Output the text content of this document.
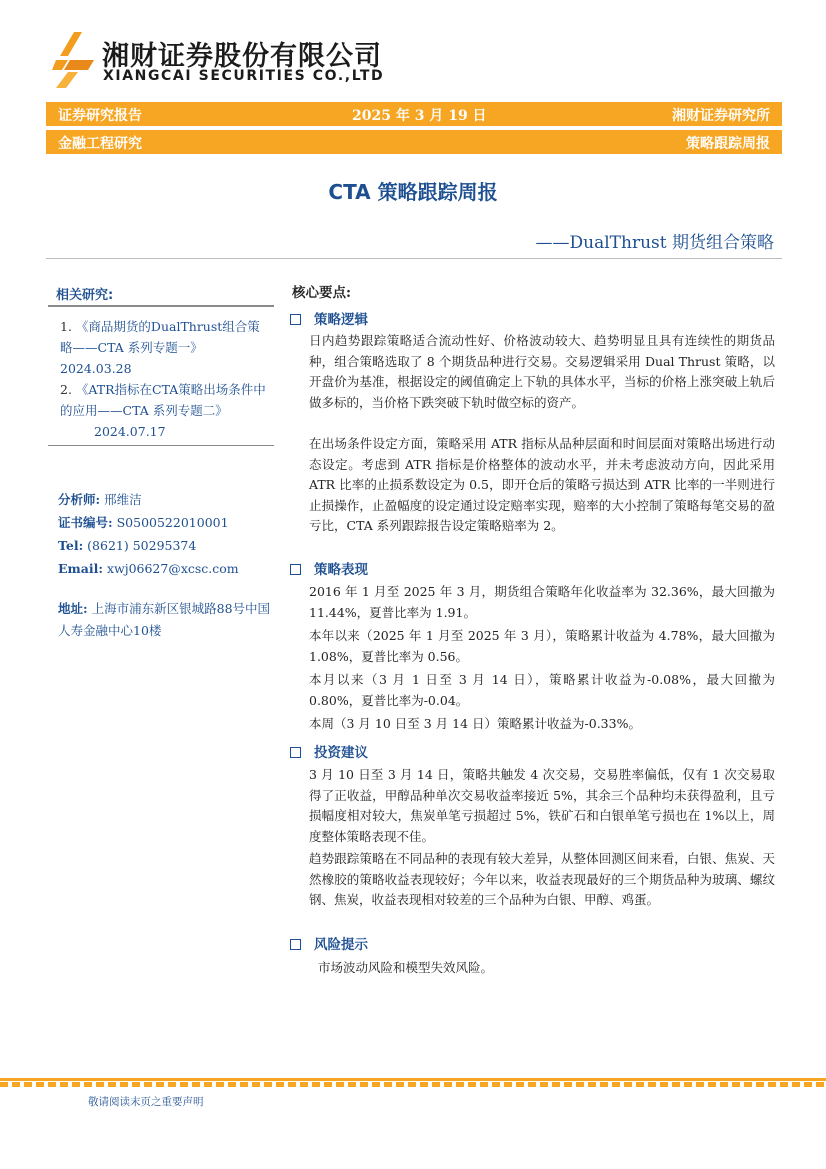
湘财证券股份有限公司
XIANGCAI SECURITIES CO.,LTD
证券研究报告	2025 年 3 月 19 日	湘财证券研究所
金融工程研究	策略跟踪周报
CTA 策略跟踪周报
——DualThrust 期货组合策略
相关研究:
1. 《商品期货的DualThrust组合策略——CTA 系列专题一》
2024.03.28
2. 《ATR指标在CTA策略出场条件中的应用——CTA 系列专题二》 2024.07.17
分析师: 邢维洁
证书编号: S0500522010001
Tel: (8621) 50295374
Email: xwj06627@xcsc.com
地址: 上海市浦东新区银城路88号中国人寿金融中心10楼
核心要点:
策略逻辑
日内趋势跟踪策略适合流动性好、价格波动较大、趋势明显且具有连续性的期货品种，组合策略选取了 8 个期货品种进行交易。交易逻辑采用 Dual Thrust 策略，以开盘价为基准，根据设定的阈值确定上下轨的具体水平，当标的价格上涨突破上轨后做多标的，当价格下跌突破下轨时做空标的资产。
在出场条件设定方面，策略采用 ATR 指标从品种层面和时间层面对策略出场进行动态设定。考虑到 ATR 指标是价格整体的波动水平，并未考虑波动方向，因此采用 ATR 比率的止损系数设定为 0.5，即开仓后的策略亏损达到 ATR 比率的一半则进行止损操作，止盈幅度的设定通过设定赔率实现，赔率的大小控制了策略每笔交易的盈亏比，CTA 系列跟踪报告设定策略赔率为 2。
策略表现
2016 年 1 月至 2025 年 3 月，期货组合策略年化收益率为 32.36%，最大回撤为 11.44%，夏普比率为 1.91。
本年以来（2025 年 1 月至 2025 年 3 月），策略累计收益为 4.78%，最大回撤为 1.08%，夏普比率为 0.56。
本月以来（3 月 1 日至 3 月 14 日），策略累计收益为-0.08%，最大回撤为 0.80%，夏普比率为-0.04。
本周（3 月 10 日至 3 月 14 日）策略累计收益为-0.33%。
投资建议
3 月 10 日至 3 月 14 日，策略共触发 4 次交易，交易胜率偏低，仅有 1 次交易取得了正收益，甲醇品种单次交易收益率接近 5%，其余三个品种均未获得盈利，且亏损幅度相对较大，焦炭单笔亏损超过 5%，铁矿石和白银单笔亏损也在 1%以上，周度整体策略表现不佳。
趋势跟踪策略在不同品种的表现有较大差异，从整体回测区间来看，白银、焦炭、天然橡胶的策略收益表现较好；今年以来，收益表现最好的三个期货品种为玻璃、螺纹钢、焦炭，收益表现相对较差的三个品种为白银、甲醇、鸡蛋。
风险提示
市场波动风险和模型失效风险。
敬请阅读末页之重要声明
